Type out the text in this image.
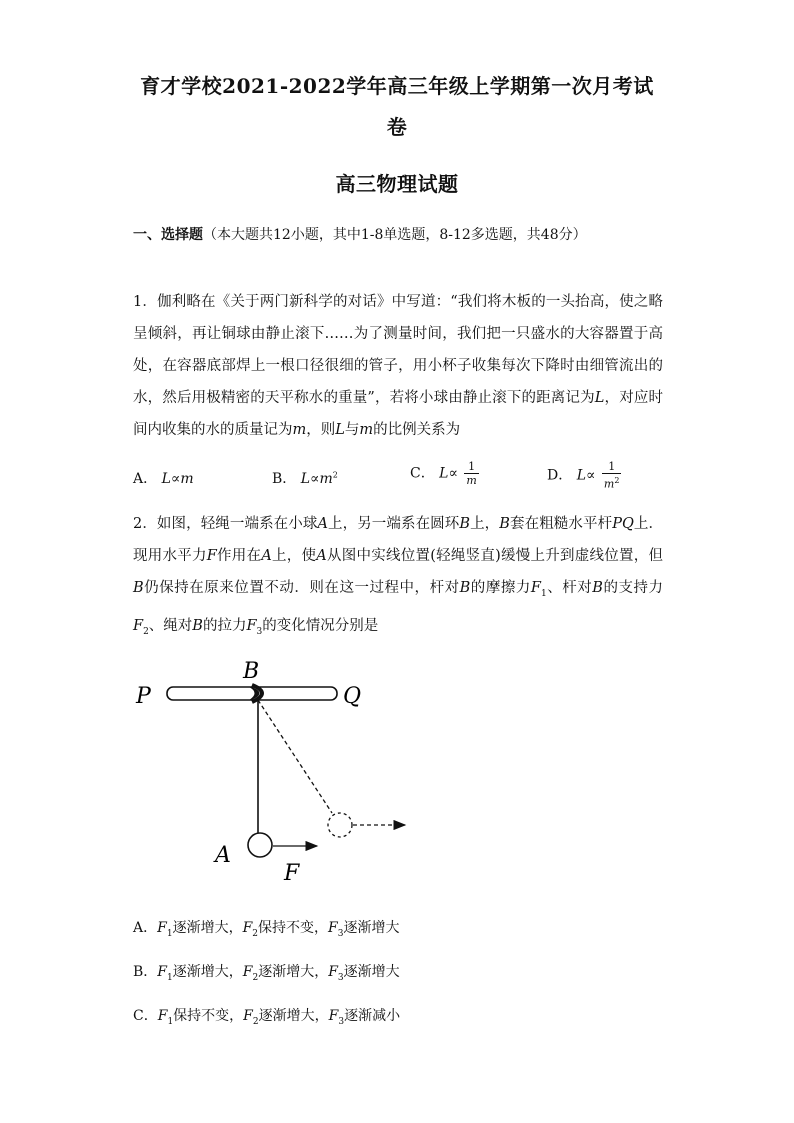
育才学校2021-2022学年高三年级上学期第一次月考试
卷
高三物理试题
一、选择题（本大题共12小题，其中1-8单选题，8-12多选题，共48分）
1．伽利略在《关于两门新科学的对话》中写道：“我们将木板的一头抬高，使之略呈倾斜，再让铜球由静止滚下……为了测量时间，我们把一只盛水的大容器置于高处，在容器底部焊上一根口径很细的管子，用小杯子收集每次下降时由细管流出的水，然后用极精密的天平称水的重量”，若将小球由静止滚下的距离记为L，对应时间内收集的水的质量记为m，则L与m的比例关系为
A． L∝m	B． $L\propto m^2$	C． $L\propto \frac{1}{m}$	D． $L\propto \frac{1}{m^2}$
2．如图，轻绳一端系在小球A上，另一端系在圆环B上，B套在粗糙水平杆PQ上．现用水平力F作用在A上，使A从图中实线位置(轻绳竖直)缓慢上升到虚线位置，但B仍保持在原来位置不动．则在这一过程中，杆对B的摩擦力$F_1$、杆对B的支持力$F_2$、绳对B的拉力$F_3$的变化情况分别是
B
P	Q
A
F
A．$F_1$逐渐增大，$F_2$保持不变，$F_3$逐渐增大
B．$F_1$逐渐增大，$F_2$逐渐增大，$F_3$逐渐增大
C．$F_1$保持不变，$F_2$逐渐增大，$F_3$逐渐减小
